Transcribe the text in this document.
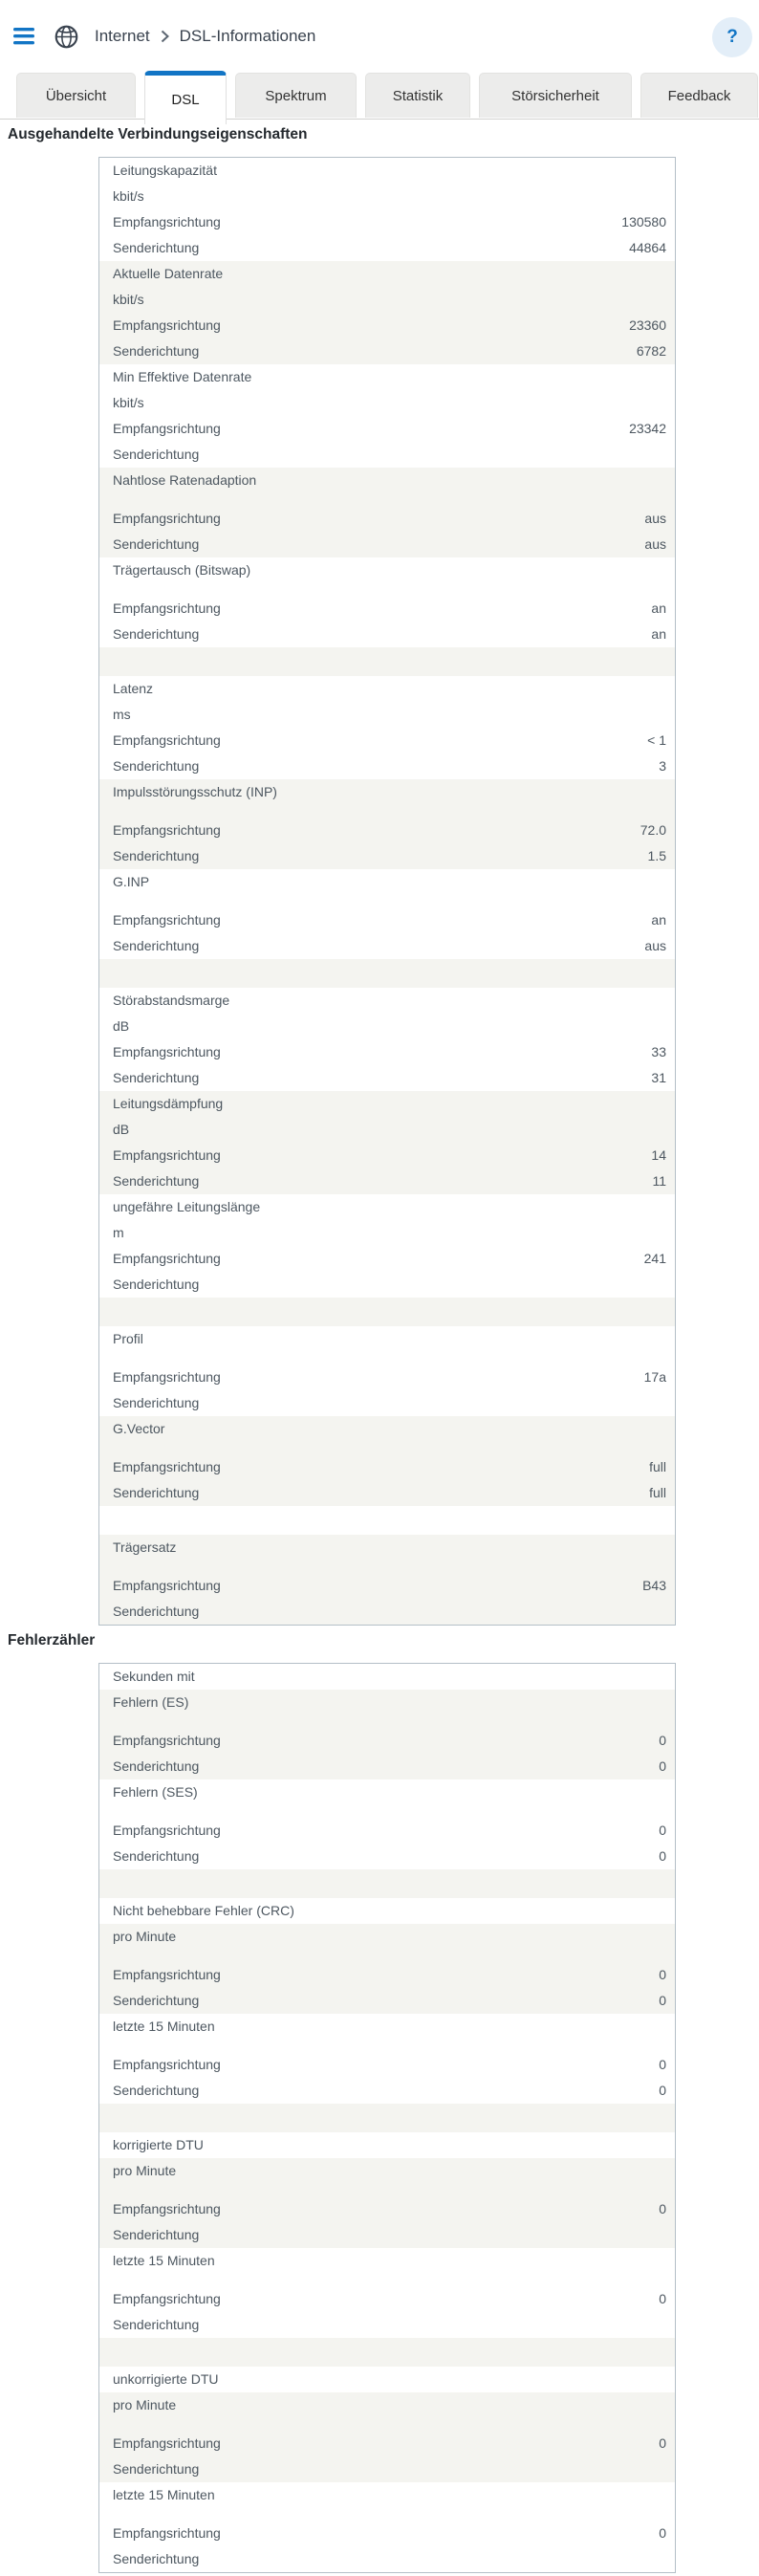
Internet DSL-Informationen	?
Übersicht	DSL	Spektrum	Statistik	Störsicherheit	Feedback
Ausgehandelte Verbindungseigenschaften
Leitungskapazität
kbit/s
Empfangsrichtung	130580
Senderichtung	44864
Aktuelle Datenrate
kbit/s
Empfangsrichtung	23360
Senderichtung	6782
Min Effektive Datenrate
kbit/s
Empfangsrichtung	23342
Senderichtung
Nahtlose Ratenadaption
Empfangsrichtung	aus
Senderichtung	aus
Trägertausch (Bitswap)
Empfangsrichtung	an
Senderichtung	an
Latenz
ms
Empfangsrichtung	< 1
Senderichtung	3
Impulsstörungsschutz (INP)
Empfangsrichtung	72.0
Senderichtung	1.5
G.INP
Empfangsrichtung	an
Senderichtung	aus
Störabstandsmarge
dB
Empfangsrichtung	33
Senderichtung	31
Leitungsdämpfung
dB
Empfangsrichtung	14
Senderichtung	11
ungefähre Leitungslänge
m
Empfangsrichtung	241
Senderichtung
Profil
Empfangsrichtung	17a
Senderichtung
G.Vector
Empfangsrichtung	full
Senderichtung	full
Trägersatz
Empfangsrichtung	B43
Senderichtung
Fehlerzähler
Sekunden mit
Fehlern (ES)
Empfangsrichtung	0
Senderichtung	0
Fehlern (SES)
Empfangsrichtung	0
Senderichtung	0
Nicht behebbare Fehler (CRC)
pro Minute
Empfangsrichtung	0
Senderichtung	0
letzte 15 Minuten
Empfangsrichtung	0
Senderichtung	0
korrigierte DTU
pro Minute
Empfangsrichtung	0
Senderichtung
letzte 15 Minuten
Empfangsrichtung	0
Senderichtung
unkorrigierte DTU
pro Minute
Empfangsrichtung	0
Senderichtung
letzte 15 Minuten
Empfangsrichtung	0
Senderichtung
